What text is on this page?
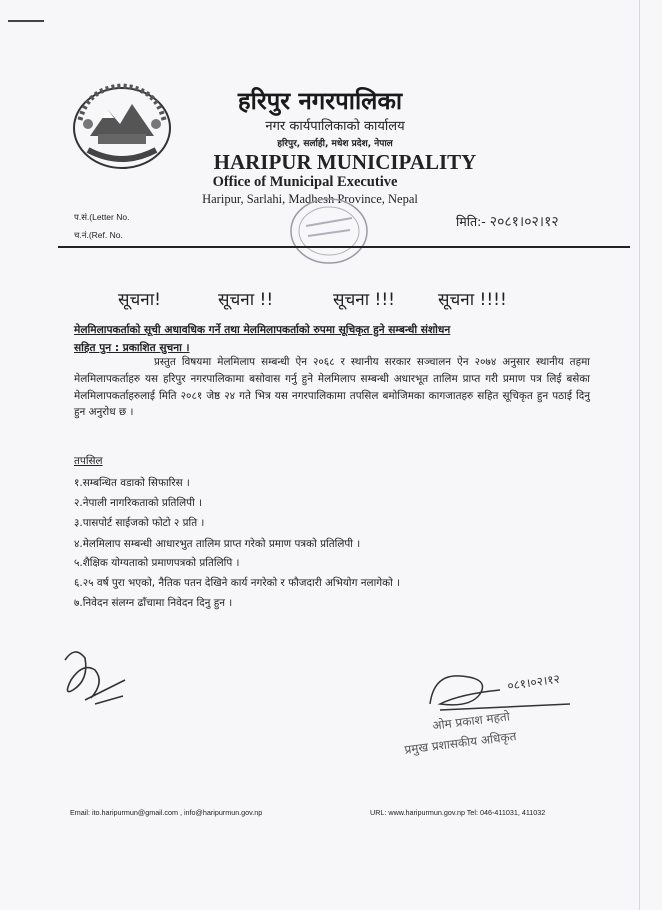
हरिपुर नगरपालिका
नगर कार्यपालिकाको कार्यालय
हरिपुर, सर्लाही, मधेश प्रदेश, नेपाल
HARIPUR MUNICIPALITY
Office of Municipal Executive
Haripur, Sarlahi, Madhesh Province, Nepal
प.सं.(Letter No.
च.नं.(Ref. No.
मिति:- २०८१।०२।१२
सूचना!	सूचना !!	सूचना !!!	सूचना !!!!
मेलमिलापकर्ताको सूची अधावधिक गर्ने तथा मेलमिलापकर्ताको रुपमा सूचिकृत हुने सम्बन्धी संशोधन
सहित पुन : प्रकाशित सुचना ।
प्रस्तुत विषयमा मेलमिलाप सम्बन्धी ऐन २०६८ र स्थानीय सरकार सञ्चालन ऐन २०७४ अनुसार स्थानीय तहमा मेलमिलापकर्ताहरु यस हरिपुर नगरपालिकामा बसोवास गर्नु हुने मेलमिलाप सम्बन्धी अधारभूत तालिम प्राप्त गरी प्रमाण पत्र लिई बसेका मेलमिलापकर्ताहरुलाई मिति २०८१ जेष्ठ २४ गते भित्र यस नगरपालिकामा तपसिल बमोजिमका कागजातहरु सहित सूचिकृत हुन पठाई दिनु हुन अनुरोध छ ।
तपसिल
१.सम्बन्धित वडाको सिफारिस ।
२.नेपाली नागरिकताको प्रतिलिपी ।
३.पासपोर्ट साईजको फोटो २ प्रति ।
४.मेलमिलाप सम्बन्धी आधारभुत तालिम प्राप्त गरेको प्रमाण पत्रको प्रतिलिपी ।
५.शैक्षिक योग्यताको प्रमाणपत्रको प्रतिलिपि ।
६.२५ वर्ष पुरा भएको, नैतिक पतन देखिने कार्य नगरेको र फौजदारी अभियोग नलागेको ।
७.निवेदन संलग्न ढाँचामा निवेदन दिनु हुन ।
०८१।०२।१२
ओम प्रकाश महतो
प्रमुख प्रशासकीय अधिकृत
Email: ito.haripurmun@gmail.com , info@haripurmun.gov.np	URL: www.haripurmun.gov.np Tel: 046-411031, 411032
